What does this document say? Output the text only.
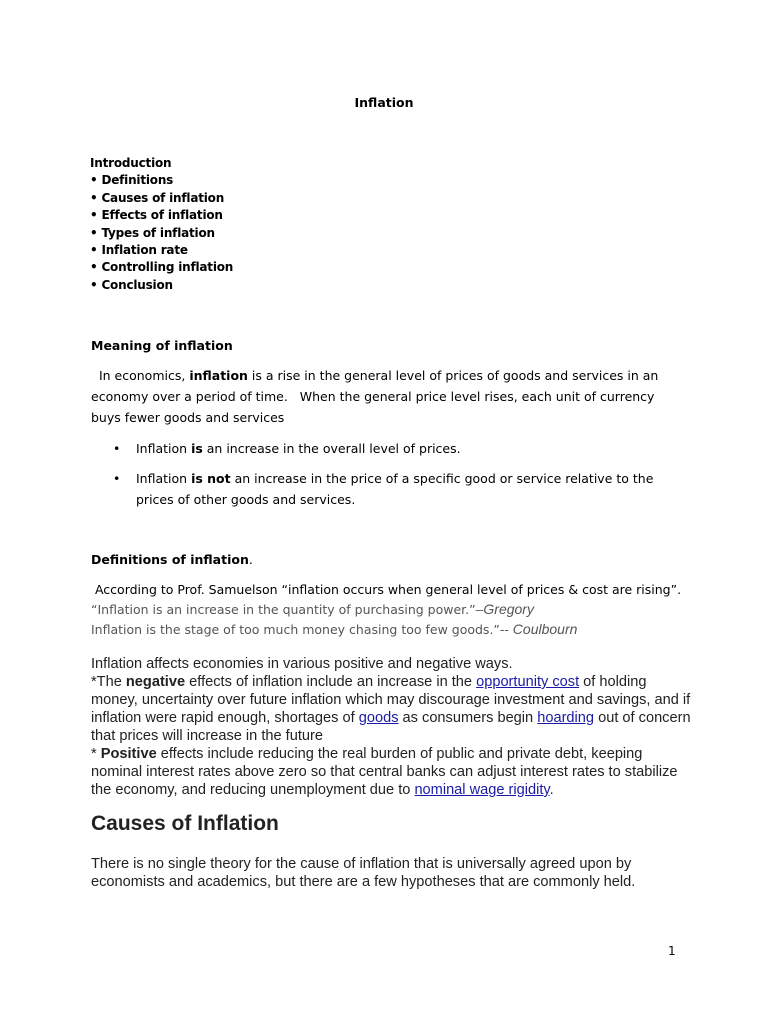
Inflation
Introduction
• Definitions
• Causes of inflation
• Effects of inflation
• Types of inflation
• Inflation rate
• Controlling inflation
• Conclusion
Meaning of inflation
In economics, inflation is a rise in the general level of prices of goods and services in an economy over a period of time.   When the general price level rises, each unit of currency buys fewer goods and services
•	Inflation is an increase in the overall level of prices.
•	Inflation is not an increase in the price of a specific good or service relative to the prices of other goods and services.
Definitions of inflation.
According to Prof. Samuelson “inflation occurs when general level of prices & cost are rising”.
“Inflation is an increase in the quantity of purchasing power.”–Gregory
Inflation is the stage of too much money chasing too few goods.”-- Coulbourn
Inflation affects economies in various positive and negative ways.
*The negative effects of inflation include an increase in the opportunity cost of holding money, uncertainty over future inflation which may discourage investment and savings, and if inflation were rapid enough, shortages of goods as consumers begin hoarding out of concern that prices will increase in the future
* Positive effects include reducing the real burden of public and private debt, keeping nominal interest rates above zero so that central banks can adjust interest rates to stabilize the economy, and reducing unemployment due to nominal wage rigidity.
Causes of Inflation
There is no single theory for the cause of inflation that is universally agreed upon by economists and academics, but there are a few hypotheses that are commonly held.
1
